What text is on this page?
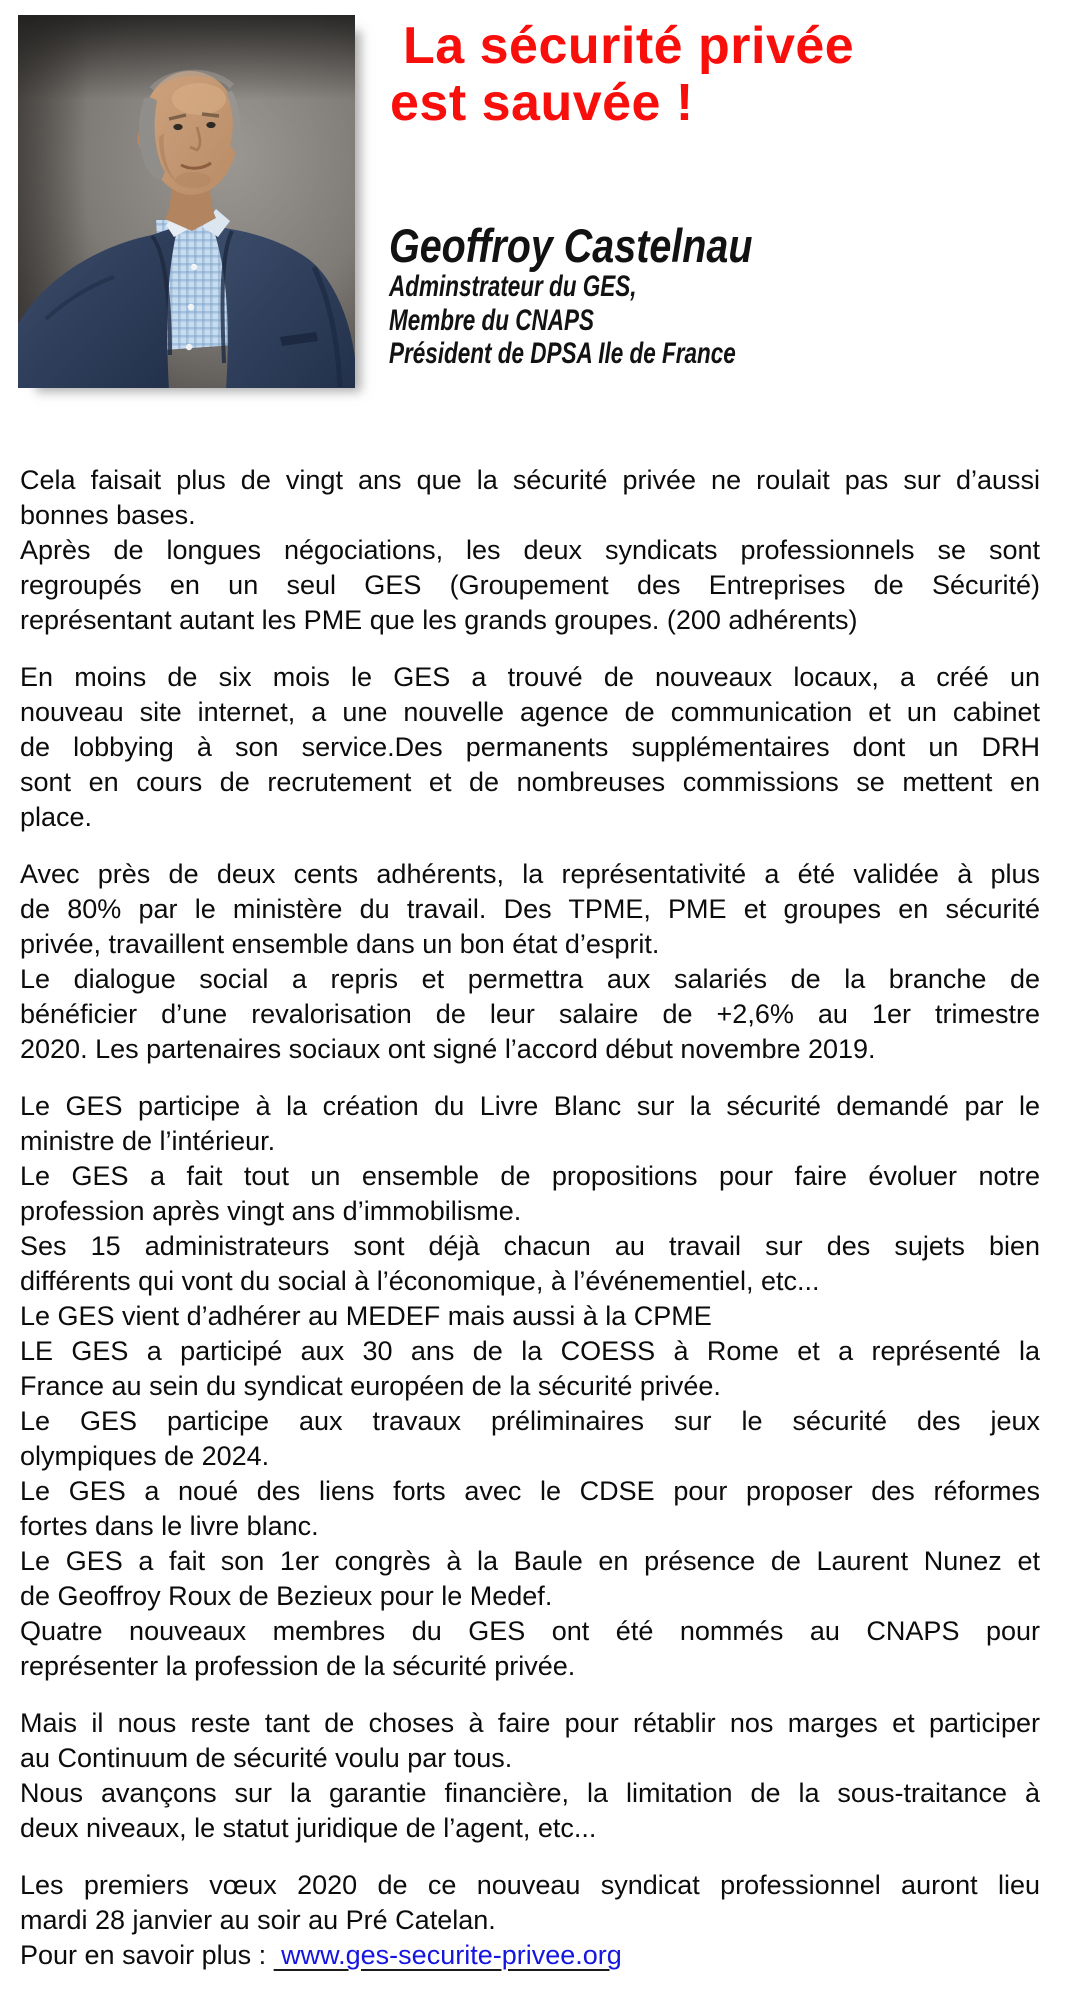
La sécurité privée
est sauvée !
Geoffroy Castelnau
Adminstrateur du GES,
Membre du CNAPS
Président de DPSA Ile de France
Cela faisait plus de vingt ans que la sécurité privée ne roulait pas sur d’aussi
bonnes bases.
Après de longues négociations, les deux syndicats professionnels se sont
regroupés en un seul GES (Groupement des Entreprises de Sécurité)
représentant autant les PME que les grands groupes. (200 adhérents)
En moins de six mois le GES a trouvé de nouveaux locaux, a créé un
nouveau site internet, a une nouvelle agence de communication et un cabinet
de lobbying à son service.Des permanents supplémentaires dont un DRH
sont en cours de recrutement et de nombreuses commissions se mettent en
place.
Avec près de deux cents adhérents, la représentativité a été validée à plus
de 80% par le ministère du travail. Des TPME, PME et groupes en sécurité
privée, travaillent ensemble dans un bon état d’esprit.
Le dialogue social a repris et permettra aux salariés de la branche de
bénéficier d’une revalorisation de leur salaire de +2,6% au 1er trimestre
2020. Les partenaires sociaux ont signé l’accord début novembre 2019.
Le GES participe à la création du Livre Blanc sur la sécurité demandé par le
ministre de l’intérieur.
Le GES a fait tout un ensemble de propositions pour faire évoluer notre
profession après vingt ans d’immobilisme.
Ses 15 administrateurs sont déjà chacun au travail sur des sujets bien
différents qui vont du social à l’économique, à l’événementiel, etc...
Le GES vient d’adhérer au MEDEF mais aussi à la CPME
LE GES a participé aux 30 ans de la COESS à Rome et a représenté la
France au sein du syndicat européen de la sécurité privée.
Le GES participe aux travaux préliminaires sur le sécurité des jeux
olympiques de 2024.
Le GES a noué des liens forts avec le CDSE pour proposer des réformes
fortes dans le livre blanc.
Le GES a fait son 1er congrès à la Baule en présence de Laurent Nunez et
de Geoffroy Roux de Bezieux pour le Medef.
Quatre nouveaux membres du GES ont été nommés au CNAPS pour
représenter la profession de la sécurité privée.
Mais il nous reste tant de choses à faire pour rétablir nos marges et participer
au Continuum de sécurité voulu par tous.
Nous avançons sur la garantie financière, la limitation de la sous-traitance à
deux niveaux, le statut juridique de l’agent, etc...
Les premiers vœux 2020 de ce nouveau syndicat professionnel auront lieu
mardi 28 janvier au soir au Pré Catelan.
Pour en savoir plus :  www.ges-securite-privee.org
